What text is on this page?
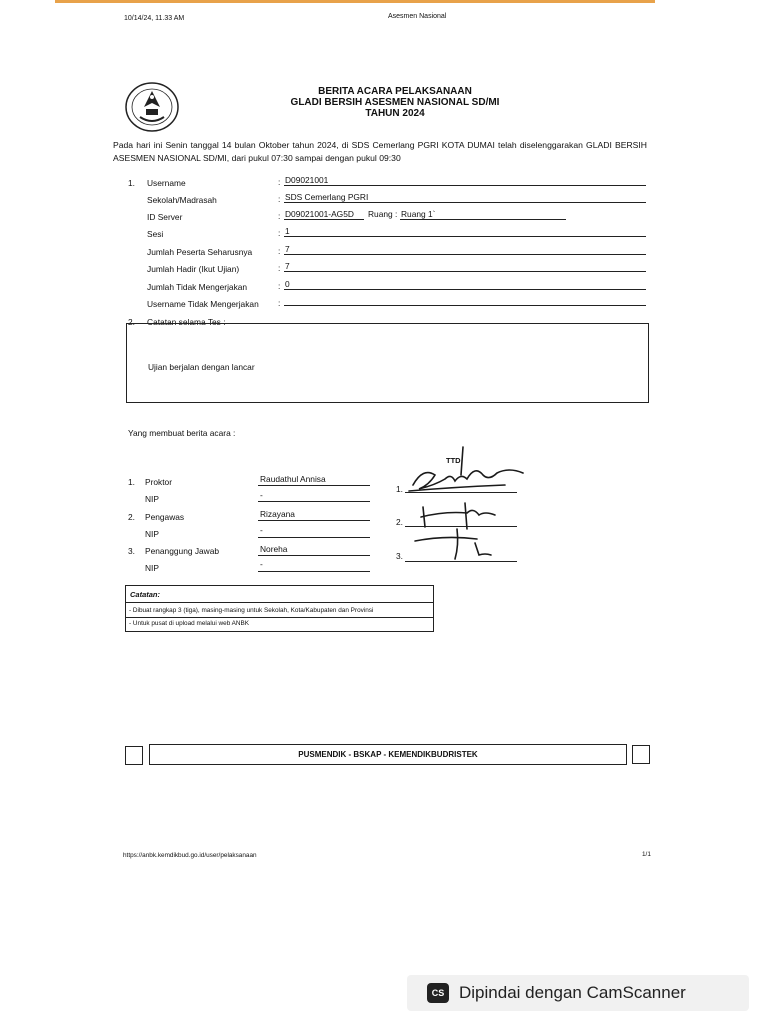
10/14/24, 11.33 AM	Asesmen Nasional
BERITA ACARA PELAKSANAAN
GLADI BERSIH ASESMEN NASIONAL SD/MI
TAHUN 2024
Pada hari ini Senin tanggal 14 bulan Oktober tahun 2024, di SDS Cemerlang PGRI KOTA DUMAI telah diselenggarakan GLADI BERSIH ASESMEN NASIONAL SD/MI, dari pukul 07:30 sampai dengan pukul 09:30
1. Username	: D09021001
Sekolah/Madrasah	: SDS Cemerlang PGRI
ID Server	: D09021001-AG5D Ruang : Ruang 1`
Sesi	: 1
Jumlah Peserta Seharusnya	: 7
Jumlah Hadir (Ikut Ujian)	: 7
Jumlah Tidak Mengerjakan	: 0
Username Tidak Mengerjakan :
2. Catatan selama Tes :
Ujian berjalan dengan lancar
Yang membuat berita acara :
TTD
1. Proktor	Raudathul Annisa
NIP	-
1.
2. Pengawas	Rizayana
NIP	-
2.
3. Penanggung Jawab	Noreha
NIP	-
3.
Catatan:
- Dibuat rangkap 3 (tiga), masing-masing untuk Sekolah, Kota/Kabupaten dan Provinsi
- Untuk pusat di upload melalui web ANBK
PUSMENDIK - BSKAP - KEMENDIKBUDRISTEK
https://anbk.kemdikbud.go.id/user/pelaksanaan	1/1
CS Dipindai dengan CamScanner
